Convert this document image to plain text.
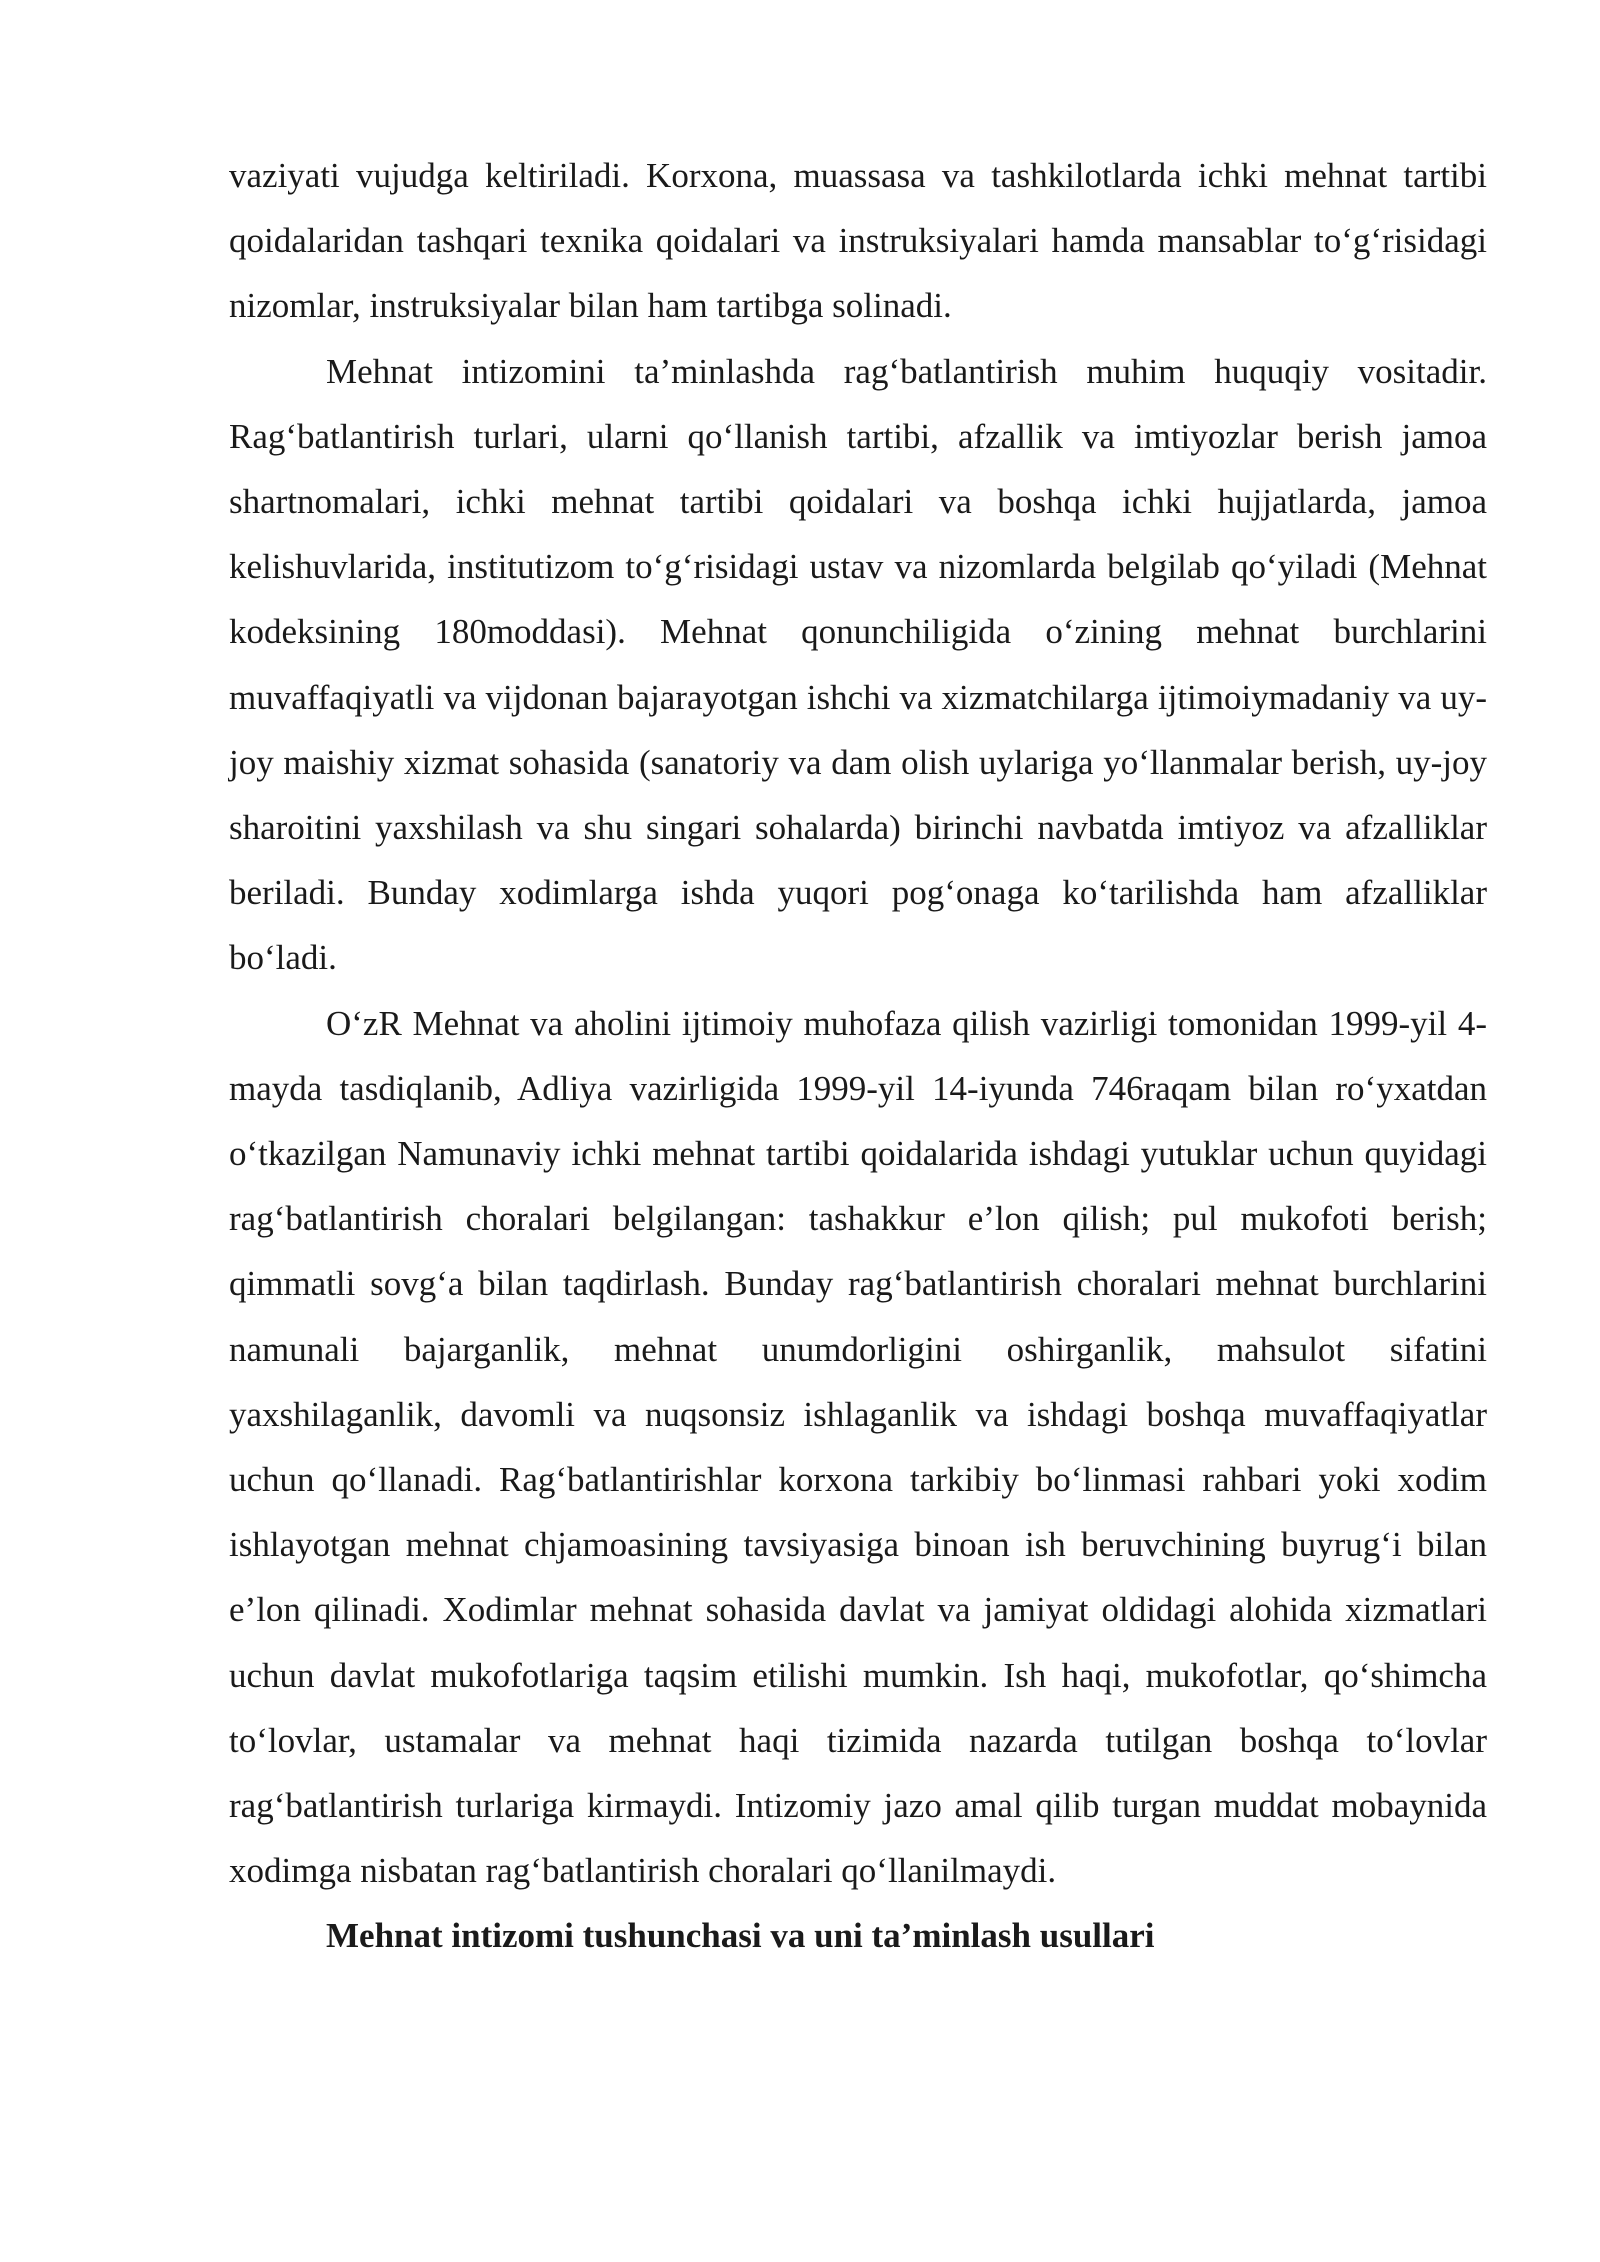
vaziyati vujudga keltiriladi. Korxona, muassasa va tashkilotlarda ichki mehnat tartibi qoidalaridan tashqari texnika qoidalari va instruksiyalari hamda mansablar to‘g‘risidagi nizomlar, instruksiyalar bilan ham tartibga solinadi.

Mehnat intizomini ta’minlashda rag‘batlantirish muhim huquqiy vositadir. Rag‘batlantirish turlari, ularni qo‘llanish tartibi, afzallik va imtiyozlar berish jamoa shartnomalari, ichki mehnat tartibi qoidalari va boshqa ichki hujjatlarda, jamoa kelishuvlarida, institutizom to‘g‘risidagi ustav va nizomlarda belgilab qo‘yiladi (Mehnat kodeksining 180moddasi). Mehnat qonunchiligida o‘zining mehnat burchlarini muvaffaqiyatli va vijdonan bajarayotgan ishchi va xizmatchilarga ijtimoiymadaniy va uy-joy maishiy xizmat sohasida (sanatoriy va dam olish uylariga yo‘llanmalar berish, uy-joy sharoitini yaxshilash va shu singari sohalarda) birinchi navbatda imtiyoz va afzalliklar beriladi. Bunday xodimlarga ishda yuqori pog‘onaga ko‘tarilishda ham afzalliklar bo‘ladi.

O‘zR Mehnat va aholini ijtimoiy muhofaza qilish vazirligi tomonidan 1999-yil 4-mayda tasdiqlanib, Adliya vazirligida 1999-yil 14-iyunda 746raqam bilan ro‘yxatdan o‘tkazilgan Namunaviy ichki mehnat tartibi qoidalarida ishdagi yutuklar uchun quyidagi rag‘batlantirish choralari belgilangan: tashakkur e’lon qilish; pul mukofoti berish; qimmatli sovg‘a bilan taqdirlash. Bunday rag‘batlantirish choralari mehnat burchlarini namunali bajarganlik, mehnat unumdorligini oshirganlik, mahsulot sifatini yaxshilaganlik, davomli va nuqsonsiz ishlaganlik va ishdagi boshqa muvaffaqiyatlar uchun qo‘llanadi. Rag‘batlantirishlar korxona tarkibiy bo‘linmasi rahbari yoki xodim ishlayotgan mehnat chjamoasining tavsiyasiga binoan ish beruvchining buyrug‘i bilan e’lon qilinadi. Xodimlar mehnat sohasida davlat va jamiyat oldidagi alohida xizmatlari uchun davlat mukofotlariga taqsim etilishi mumkin. Ish haqi, mukofotlar, qo‘shimcha to‘lovlar, ustamalar va mehnat haqi tizimida nazarda tutilgan boshqa to‘lovlar rag‘batlantirish turlariga kirmaydi. Intizomiy jazo amal qilib turgan muddat mobaynida xodimga nisbatan rag‘batlantirish choralari qo‘llanilmaydi.

Mehnat intizomi tushunchasi va uni ta’minlash usullari
